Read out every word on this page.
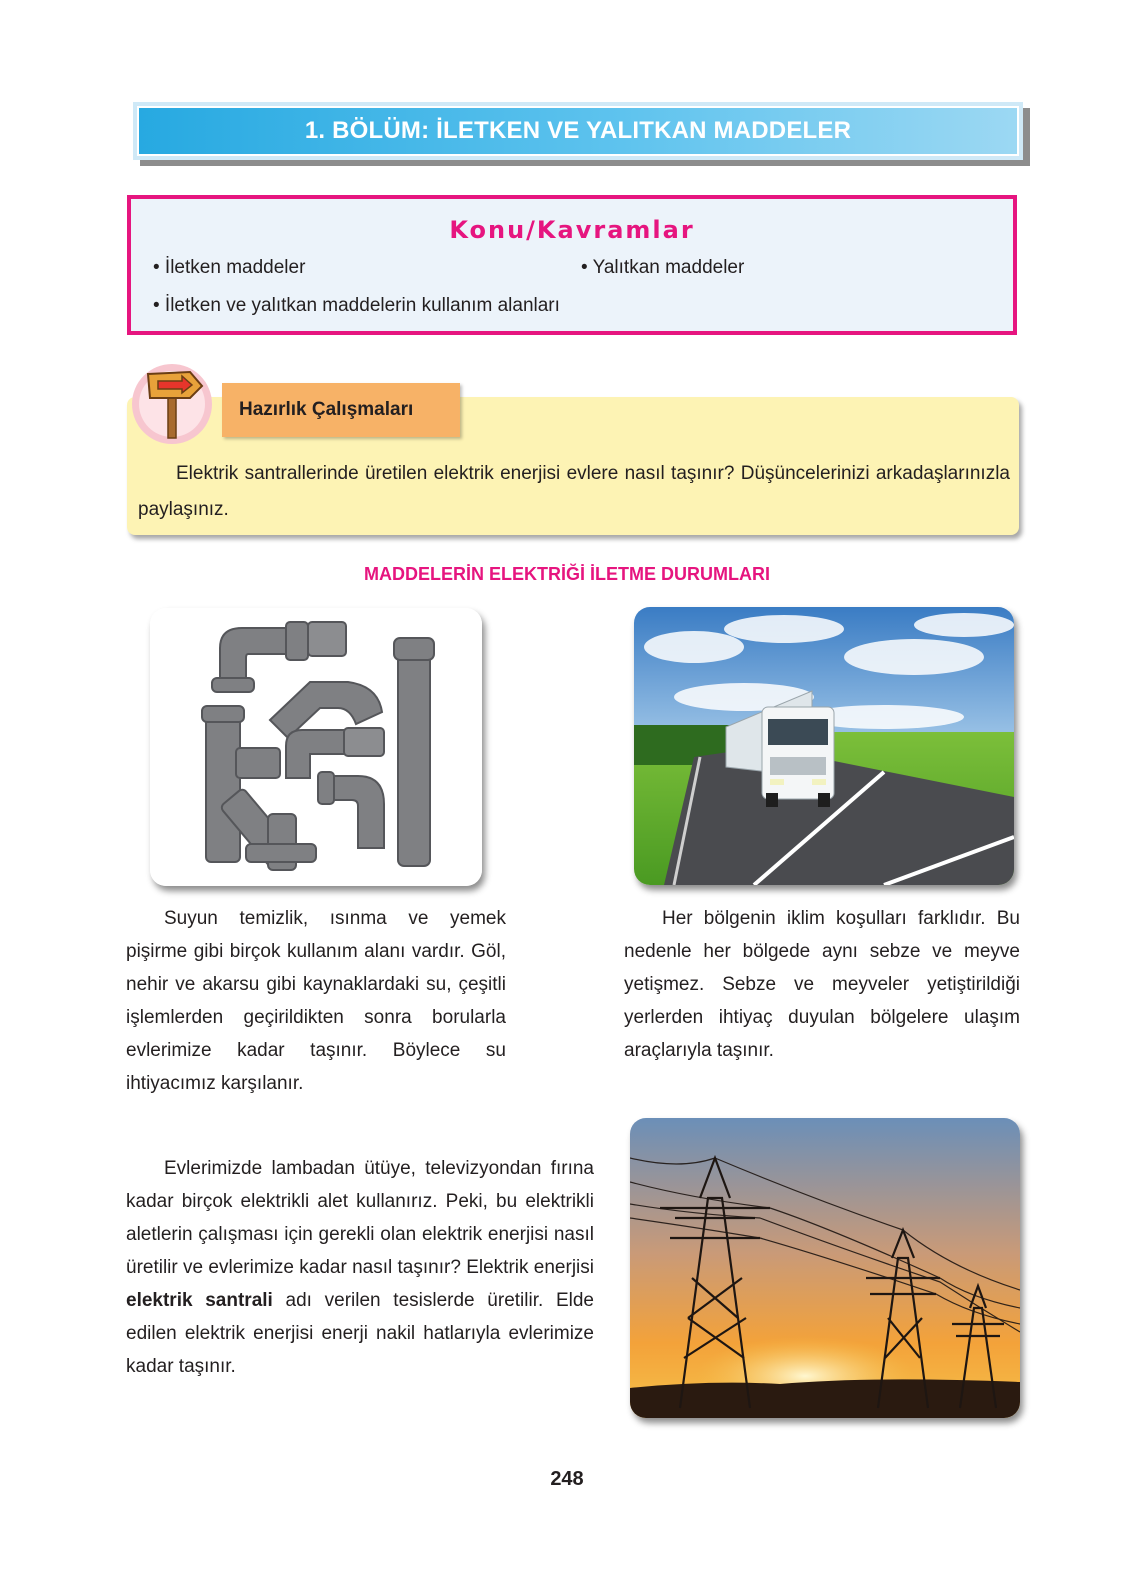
1. BÖLÜM: İLETKEN VE YALITKAN MADDELER
Konu/Kavramlar
• İletken maddeler	• Yalıtkan maddeler
• İletken ve yalıtkan maddelerin kullanım alanları
Hazırlık Çalışmaları
Elektrik santrallerinde üretilen elektrik enerjisi evlere nasıl taşınır? Düşüncelerinizi arkadaşlarınızla paylaşınız.
MADDELERİN ELEKTRİĞİ İLETME DURUMLARI
Suyun temizlik, ısınma ve yemek pişirme gibi birçok kullanım alanı vardır. Göl, nehir ve akarsu gibi kaynaklardaki su, çeşitli işlemlerden geçirildikten sonra borularla evlerimize kadar taşınır. Böylece su ihtiyacımız karşılanır.
Her bölgenin iklim koşulları farklıdır. Bu nedenle her bölgede aynı sebze ve meyve yetişmez. Sebze ve meyveler yetiştirildiği yerlerden ihtiyaç duyulan bölgelere ulaşım araçlarıyla taşınır.
Evlerimizde lambadan ütüye, televizyondan fırına kadar birçok elektrikli alet kullanırız. Peki, bu elektrikli aletlerin çalışması için gerekli olan elektrik enerjisi nasıl üretilir ve evlerimize kadar nasıl taşınır? Elektrik enerjisi elektrik santrali adı verilen tesislerde üretilir. Elde edilen elektrik enerjisi enerji nakil hatlarıyla evlerimize kadar taşınır.
248
